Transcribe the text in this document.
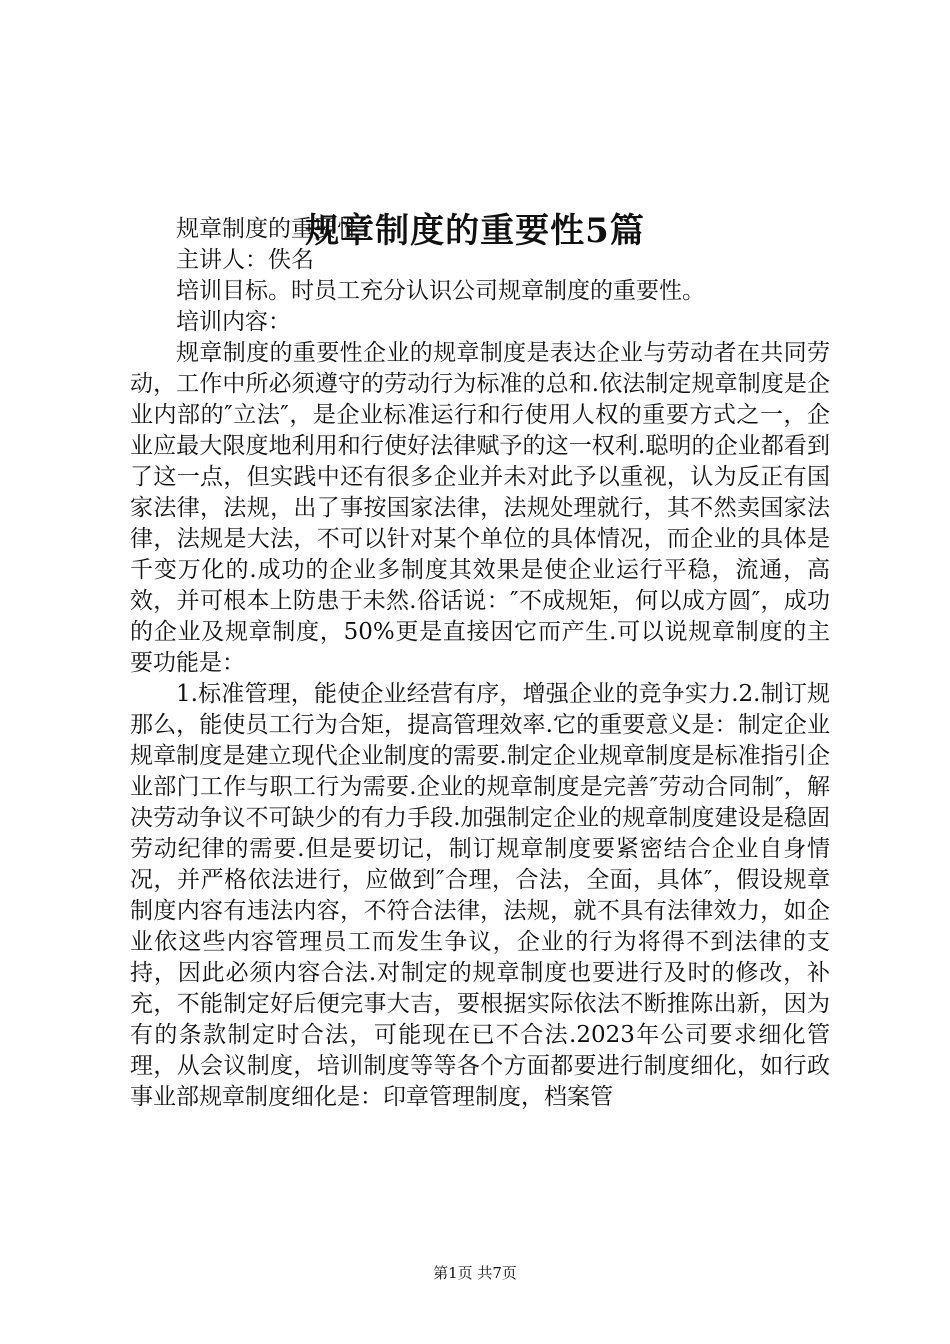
规章制度的重要性5篇

规章制度的重要性

主讲人：佚名

培训目标。时员工充分认识公司规章制度的重要性。

培训内容：

规章制度的重要性企业的规章制度是表达企业与劳动者在共同劳动，工作中所必须遵守的劳动行为标准的总和.依法制定规章制度是企业内部的″立法″，是企业标准运行和行使用人权的重要方式之一，企业应最大限度地利用和行使好法律赋予的这一权利.聪明的企业都看到了这一点，但实践中还有很多企业并未对此予以重视，认为反正有国家法律，法规，出了事按国家法律，法规处理就行，其不然卖国家法律，法规是大法，不可以针对某个单位的具体情况，而企业的具体是千变万化的.成功的企业多制度其效果是使企业运行平稳，流通，高效，并可根本上防患于未然.俗话说：″不成规矩，何以成方圆″，成功的企业及规章制度，50%更是直接因它而产生.可以说规章制度的主要功能是：

1.标准管理，能使企业经营有序，增强企业的竞争实力.2.制订规那么，能使员工行为合矩，提高管理效率.它的重要意义是：制定企业规章制度是建立现代企业制度的需要.制定企业规章制度是标准指引企业部门工作与职工行为需要.企业的规章制度是完善″劳动合同制″，解决劳动争议不可缺少的有力手段.加强制定企业的规章制度建设是稳固劳动纪律的需要.但是要切记，制订规章制度要紧密结合企业自身情况，并严格依法进行，应做到″合理，合法，全面，具体″，假设规章制度内容有违法内容，不符合法律，法规，就不具有法律效力，如企业依这些内容管理员工而发生争议，企业的行为将得不到法律的支持，因此必须内容合法.对制定的规章制度也要进行及时的修改，补充，不能制定好后便完事大吉，要根据实际依法不断推陈出新，因为有的条款制定时合法，可能现在已不合法.2023年公司要求细化管理，从会议制度，培训制度等等各个方面都要进行制度细化，如行政事业部规章制度细化是：印章管理制度，档案管

第1页 共7页
